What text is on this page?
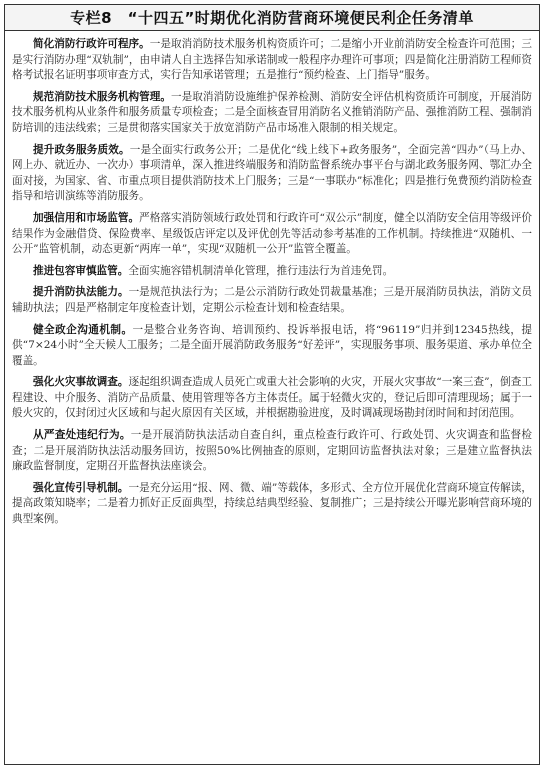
专栏8　“十四五”时期优化消防营商环境便民利企任务清单

简化消防行政许可程序。一是取消消防技术服务机构资质许可；二是缩小开业前消防安全检查许可范围；三是实行消防办理“双轨制”，由申请人自主选择告知承诺制或一般程序办理许可事项；四是简化注册消防工程师资格考试报名证明事项审查方式，实行告知承诺管理；五是推行“预约检查、上门指导”服务。

规范消防技术服务机构管理。一是取消消防设施维护保养检测、消防安全评估机构资质许可制度，开展消防技术服务机构从业条件和服务质量专项检查；二是全面核查冒用消防名义推销消防产品、强推消防工程、强制消防培训的违法线索；三是贯彻落实国家关于放宽消防产品市场准入限制的相关规定。

提升政务服务质效。一是全面实行政务公开；二是优化“线上线下+政务服务”，全面完善“四办”（马上办、网上办、就近办、一次办）事项清单，深入推进终端服务和消防监督系统办事平台与湖北政务服务网、鄂汇办全面对接，为国家、省、市重点项目提供消防技术上门服务；三是“一事联办”标准化；四是推行免费预约消防检查指导和培训演练等消防服务。

加强信用和市场监管。严格落实消防领域行政处罚和行政许可“双公示”制度，健全以消防安全信用等级评价结果作为金融借贷、保险费率、星级饭店评定以及评优创先等活动参考基准的工作机制。持续推进“双随机、一公开”监管机制，动态更新“两库一单”，实现“双随机一公开”监管全覆盖。

推进包容审慎监管。全面实施容错机制清单化管理，推行违法行为首违免罚。

提升消防执法能力。一是规范执法行为；二是公示消防行政处罚裁量基准；三是开展消防员执法，消防文员辅助执法；四是严格制定年度检查计划，定期公示检查计划和检查结果。

健全政企沟通机制。一是整合业务咨询、培训预约、投诉举报电话，将“96119”归并到12345热线，提供“7×24小时”全天候人工服务；二是全面开展消防政务服务“好差评”，实现服务事项、服务渠道、承办单位全覆盖。

强化火灾事故调查。逐起组织调查造成人员死亡或重大社会影响的火灾，开展火灾事故“一案三查”，倒查工程建设、中介服务、消防产品质量、使用管理等各方主体责任。属于轻微火灾的，登记后即可清理现场；属于一般火灾的，仅封闭过火区域和与起火原因有关区域，并根据勘验进度，及时调减现场勘封闭时间和封闭范围。

从严查处违纪行为。一是开展消防执法活动自查自纠，重点检查行政许可、行政处罚、火灾调查和监督检查；二是开展消防执法活动服务回访，按照50%比例抽查的原则，定期回访监督执法对象；三是建立监督执法廉政监督制度，定期召开监督执法座谈会。

强化宣传引导机制。一是充分运用“报、网、微、端”等载体，多形式、全方位开展优化营商环境宣传解读，提高政策知晓率；二是着力抓好正反面典型，持续总结典型经验、复制推广；三是持续公开曝光影响营商环境的典型案例。
